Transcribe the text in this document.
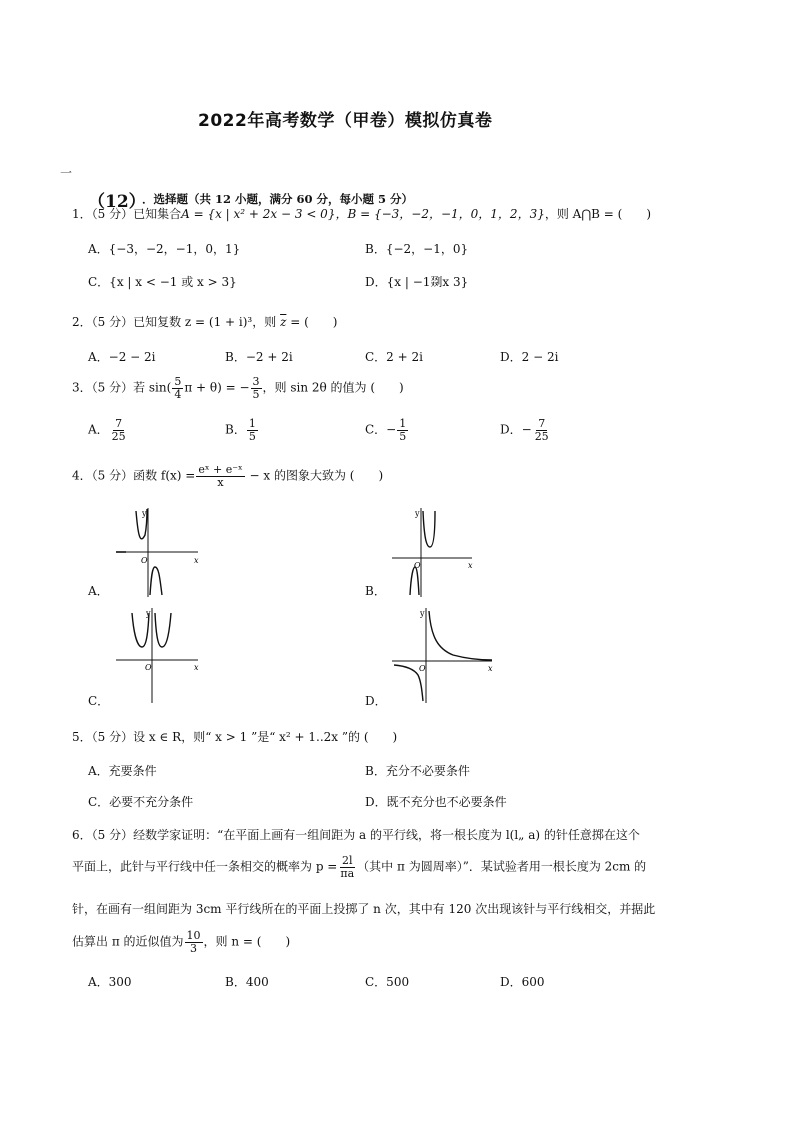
2022年高考数学（甲卷）模拟仿真卷
一
（12）
．选择题（共 12 小题，满分 60 分，每小题 5 分）
1．（5 分）已知集合A = {x | x² + 2x − 3 < 0}，B = {−3，−2，−1，0，1，2，3}，则 A⋂B = (　　)
A．{−3，−2，−1，0，1}	B．{−2，−1，0}
C．{x | x < −1 或 x > 3}	D．{x | −1剟x 3}
2．（5 分）已知复数 z = (1 + i)³，则 $\overline{z}$ = (　　)
A．−2 − 2i	B．−2 + 2i	C．2 + 2i	D．2 − 2i
3．（5 分）若 $\sin( \frac{5}{4}$ π + θ) = − $\frac{3}{5}$ ，则 sin 2θ 的值为 (　　)
A． $\frac{7}{25}$	B． $\frac{1}{5}$	C．− $\frac{1}{5}$	D．− $\frac{7}{25}$
4．（5 分）函数 $f(x) = \frac{\text{eˣ + e⁻ˣ}}{x} - x$ 的图象大致为 (　　)
A．
y
x
O
B．
y
x
O
C．
y
x
O
D．
y
x
O
5．（5 分）设 x ∈ R，则“ x > 1 ”是“ x² + 1..2x ”的 (　　)
A．充要条件	B．充分不必要条件
C．必要不充分条件	D．既不充分也不必要条件
6．（5 分）经数学家证明：“在平面上画有一组间距为 a 的平行线，将一根长度为 l(l„ a) 的针任意掷在这个
平面上，此针与平行线中任一条相交的概率为 $p = \frac{2l}{\pi a}$ （其中 π 为圆周率）”．某试验者用一根长度为 2cm 的
针，在画有一组间距为 3cm 平行线所在的平面上投掷了 n 次，其中有 120 次出现该针与平行线相交，并据此
估算出 π 的近似值为 $\frac{10}{3}$ ，则 n = (　　)
A．300	B．400	C．500	D．600
